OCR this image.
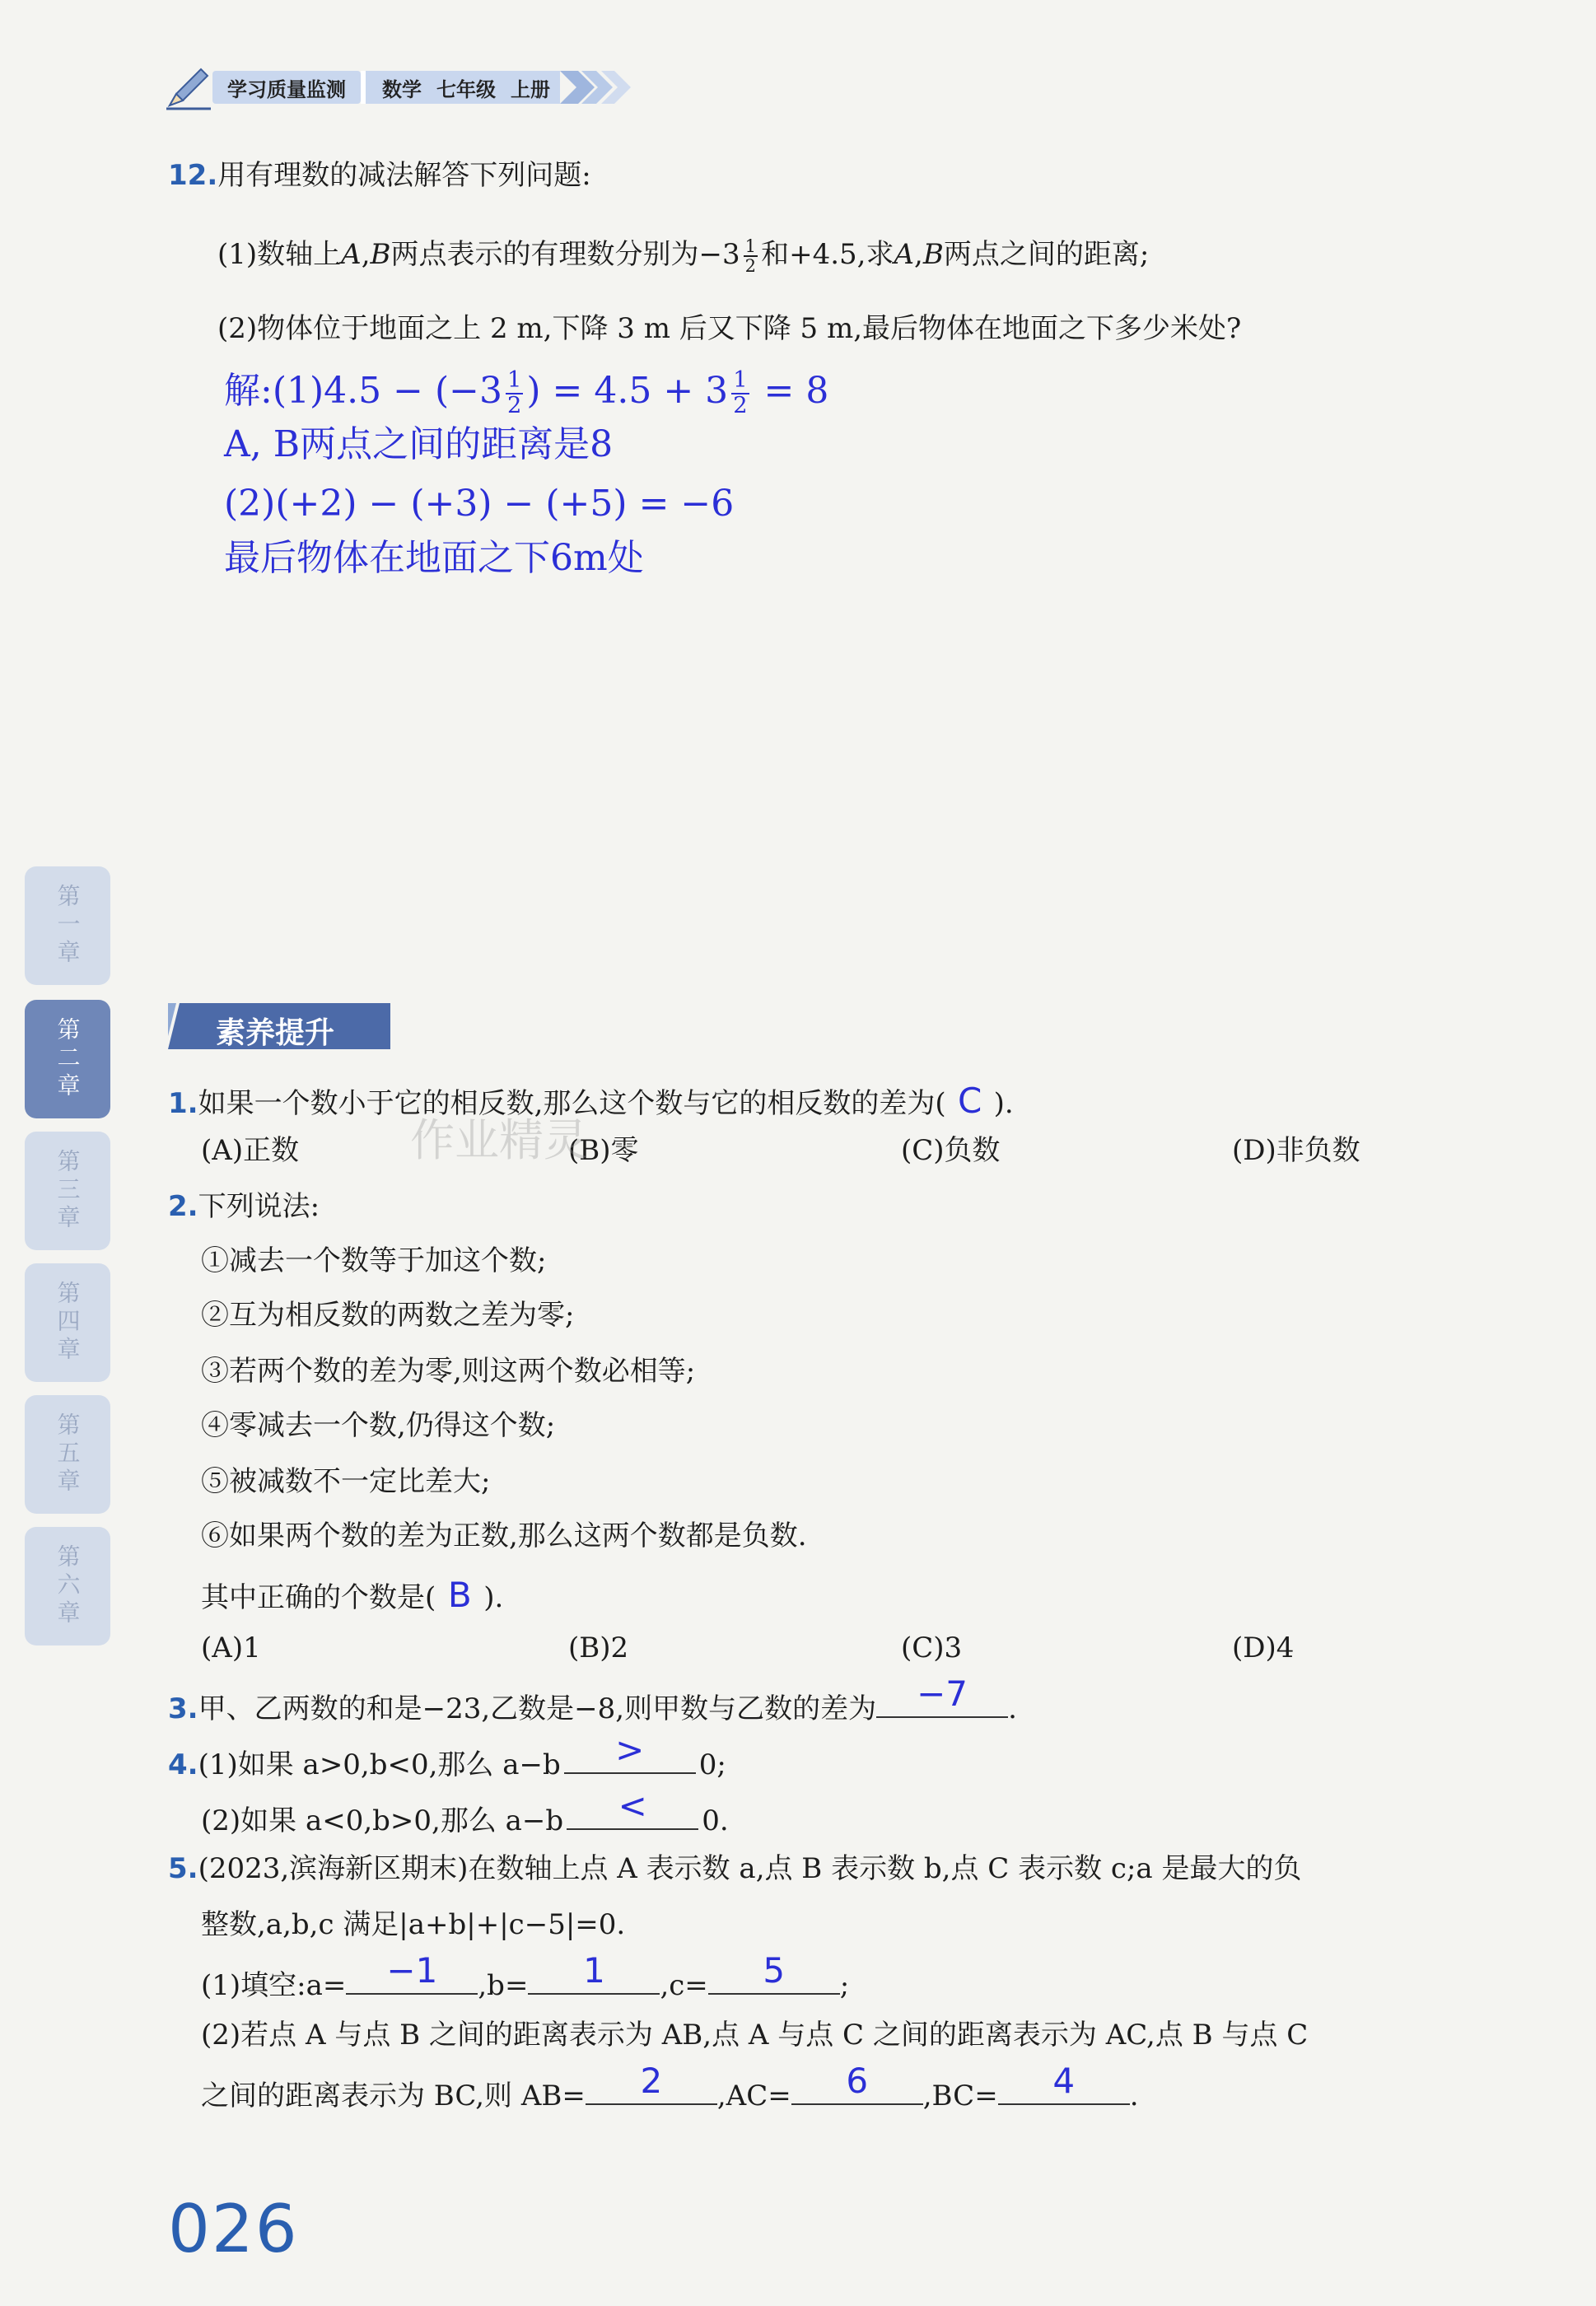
学习质量监测	数学 七年级 上册
12.用有理数的减法解答下列问题:
(1)数轴上A,B两点表示的有理数分别为$-3 \frac{1}{2}$ 和+4.5,求A,B两点之间的距离;
(2)物体位于地面之上 2 m,下降 3 m 后又下降 5 m,最后物体在地面之下多少米处?
解:(1)4.5 − ($-3 \frac{1}{2}$ ) = $4.5 + 3 \frac{1}{2} = 8$
A, B两点之间的距离是8
(2)(+2) − (+3) − (+5) = −6
最后物体在地面之下6m处
素养提升
1.如果一个数小于它的相反数,那么这个数与它的相反数的差为( C ).
(A)正数	(B)零	(C)负数	(D)非负数
作业精灵
2.下列说法:
①减去一个数等于加这个数;
②互为相反数的两数之差为零;
③若两个数的差为零,则这两个数必相等;
④零减去一个数,仍得这个数;
⑤被减数不一定比差大;
⑥如果两个数的差为正数,那么这两个数都是负数.
其中正确的个数是( B ).
(A)1	(B)2	(C)3	(D)4
3.甲、乙两数的和是−23,乙数是−8,则甲数与乙数的差为	−7	.
4.(1)如果 a>0,b<0,那么 a−b	>	0;
(2)如果 a<0,b>0,那么 a−b	<	0.
5.(2023,滨海新区期末)在数轴上点 A 表示数 a,点 B 表示数 b,点 C 表示数 c;a 是最大的负
整数,a,b,c 满足|a+b|+|c−5|=0.
(1)填空:a=	−1	,b=	1	,c=	5	;
(2)若点 A 与点 B 之间的距离表示为 AB,点 A 与点 C 之间的距离表示为 AC,点 B 与点 C
之间的距离表示为 BC,则 AB=	2	,AC=	6	,BC=	4	.
第一章
第二章
第三章
第四章
第五章
第六章
026
